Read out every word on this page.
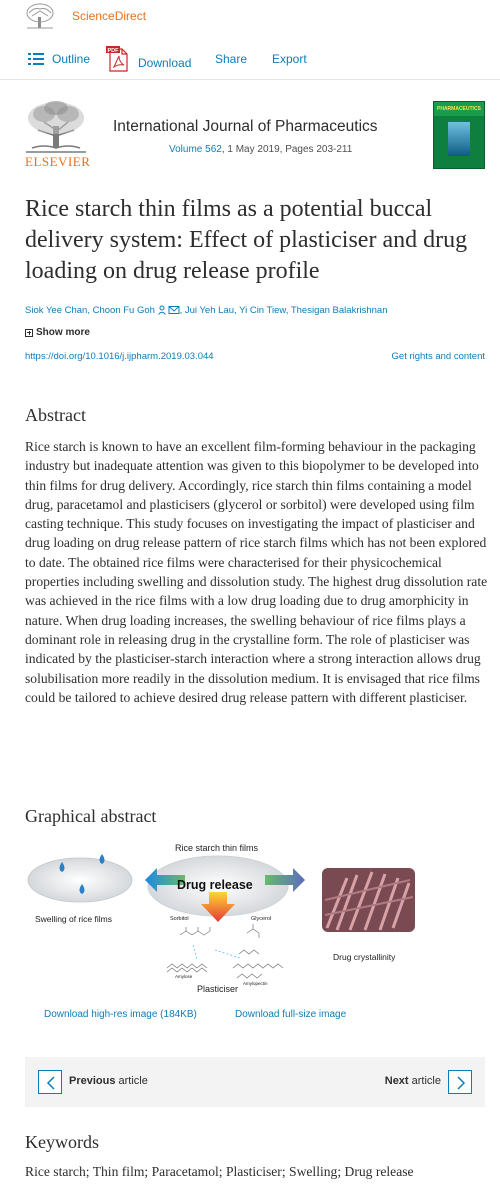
ScienceDirect
Outline
PDF
Download Share Export
ELSEVIER
International Journal of Pharmaceutics
Volume 562, 1 May 2019, Pages 203-211
PHARMACEUTICS
Rice starch thin films as a potential buccal delivery system: Effect of plasticiser and drug loading on drug release profile
Siok Yee Chan, Choon Fu Goh	, Jui Yeh Lau, Yi Cin Tiew, Thesigan Balakrishnan
Show more
https://doi.org/10.1016/j.ijpharm.2019.03.044	Get rights and content
Abstract

Rice starch is known to have an excellent film-forming behaviour in the packaging industry but inadequate attention was given to this biopolymer to be developed into thin films for drug delivery. Accordingly, rice starch thin films containing a model drug, paracetamol and plasticisers (glycerol or sorbitol) were developed using film casting technique. This study focuses on investigating the impact of plasticiser and drug loading on drug release pattern of rice starch films which has not been explored to date. The obtained rice films were characterised for their physicochemical properties including swelling and dissolution study. The highest drug dissolution rate was achieved in the rice films with a low drug loading due to drug amorphicity in nature. When drug loading increases, the swelling behaviour of rice films plays a dominant role in releasing drug in the crystalline form. The role of plasticiser was indicated by the plasticiser-starch interaction where a strong interaction allows drug solubilisation more readily in the dissolution medium. It is envisaged that rice films could be tailored to achieve desired drug release pattern with different plasticiser.

Graphical abstract
Rice starch thin films
Drug release
Swelling of rice films
Drug crystallinity
Sorbitol	Glycerol
Amylose
Amylopectin
Plasticiser
Download high-res image (184KB)	Download full-size image
Previous article	Next article
Keywords
Rice starch; Thin film; Paracetamol; Plasticiser; Swelling; Drug release
